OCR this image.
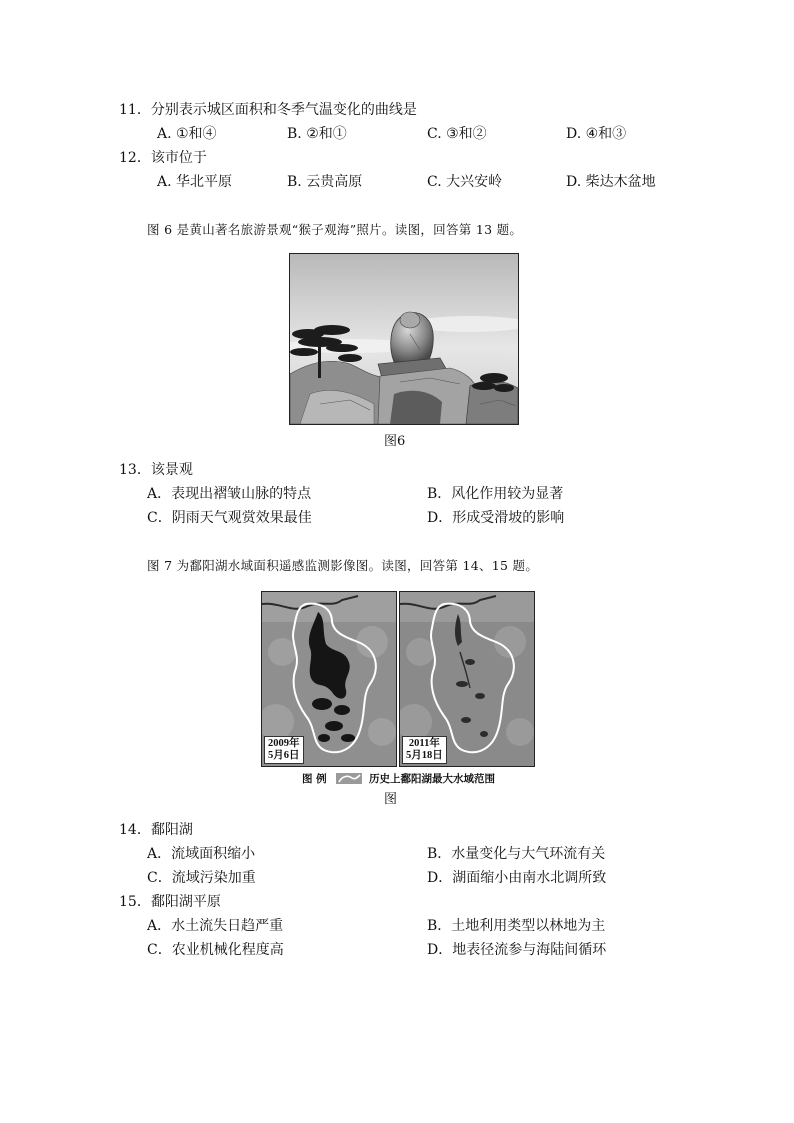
11．分别表示城区面积和冬季气温变化的曲线是
A. ①和④	B. ②和①	C. ③和②	D. ④和③
12．该市位于
A. 华北平原	B. 云贵高原	C. 大兴安岭	D. 柴达木盆地
图 6 是黄山著名旅游景观“猴子观海”照片。读图，回答第 13 题。
图6
13．该景观
A．表现出褶皱山脉的特点	B．风化作用较为显著
C．阴雨天气观赏效果最佳	D．形成受滑坡的影响
图 7 为鄱阳湖水域面积遥感监测影像图。读图，回答第 14、15 题。
2009年
5月6日
2011年
5月18日
图 例	历史上鄱阳湖最大水域范围
图
14．鄱阳湖
A．流域面积缩小	B．水量变化与大气环流有关
C．流域污染加重	D．湖面缩小由南水北调所致
15．鄱阳湖平原
A．水土流失日趋严重	B．土地利用类型以林地为主
C．农业机械化程度高	D．地表径流参与海陆间循环
